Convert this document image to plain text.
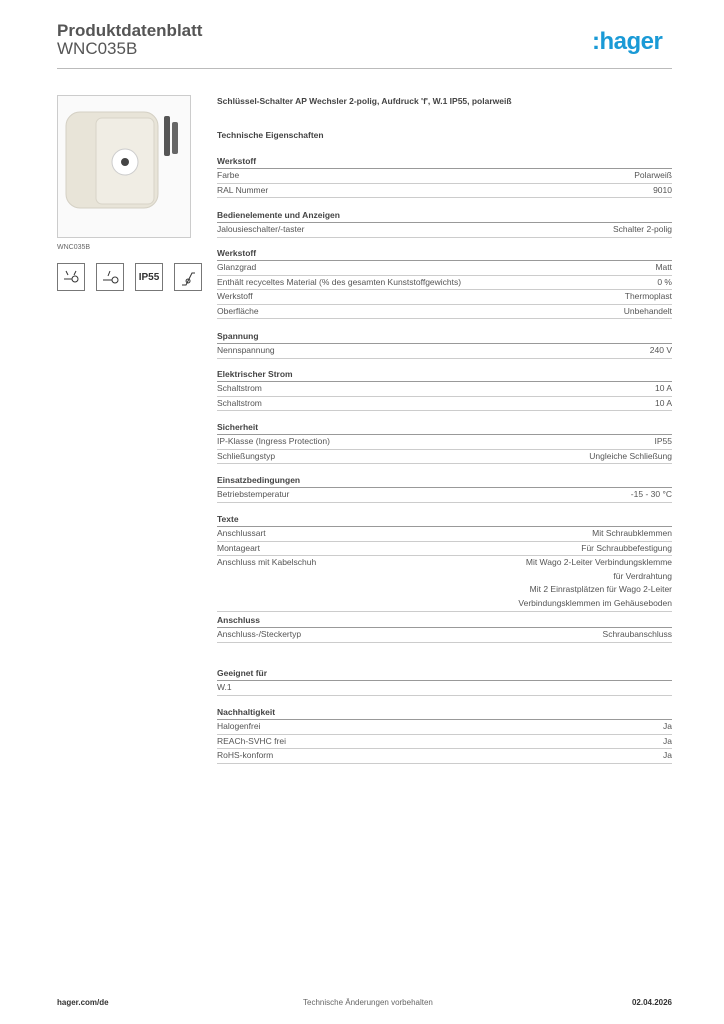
Produktdatenblatt
WNC035B	:hager
WNC035B
IP55
Schlüssel-Schalter AP Wechsler 2-polig, Aufdruck 'f', W.1 IP55, polarweiß
Technische Eigenschaften
Werkstoff
Farbe	Polarweiß
RAL Nummer	9010
Bedienelemente und Anzeigen
Jalousieschalter/-taster	Schalter 2-polig
Werkstoff
Glanzgrad	Matt
Enthält recyceltes Material (% des gesamten Kunststoffgewichts)	0 %
Werkstoff	Thermoplast
Oberfläche	Unbehandelt
Spannung
Nennspannung	240 V
Elektrischer Strom
Schaltstrom	10 A
Schaltstrom	10 A
Sicherheit
IP-Klasse (Ingress Protection)	IP55
Schließungstyp	Ungleiche Schließung
Einsatzbedingungen
Betriebstemperatur	-15 - 30 °C
Texte
Anschlussart	Mit Schraubklemmen
Montageart	Für Schraubbefestigung
Anschluss mit Kabelschuh	Mit Wago 2-Leiter Verbindungsklemme
für Verdrahtung
Mit 2 Einrastplätzen für Wago 2-Leiter
Verbindungsklemmen im Gehäuseboden
Anschluss
Anschluss-/Steckertyp	Schraubanschluss
Geeignet für
W.1
Nachhaltigkeit
Halogenfrei	Ja
REACh-SVHC frei	Ja
RoHS-konform	Ja
hager.com/de	Technische Änderungen vorbehalten	02.04.2026
